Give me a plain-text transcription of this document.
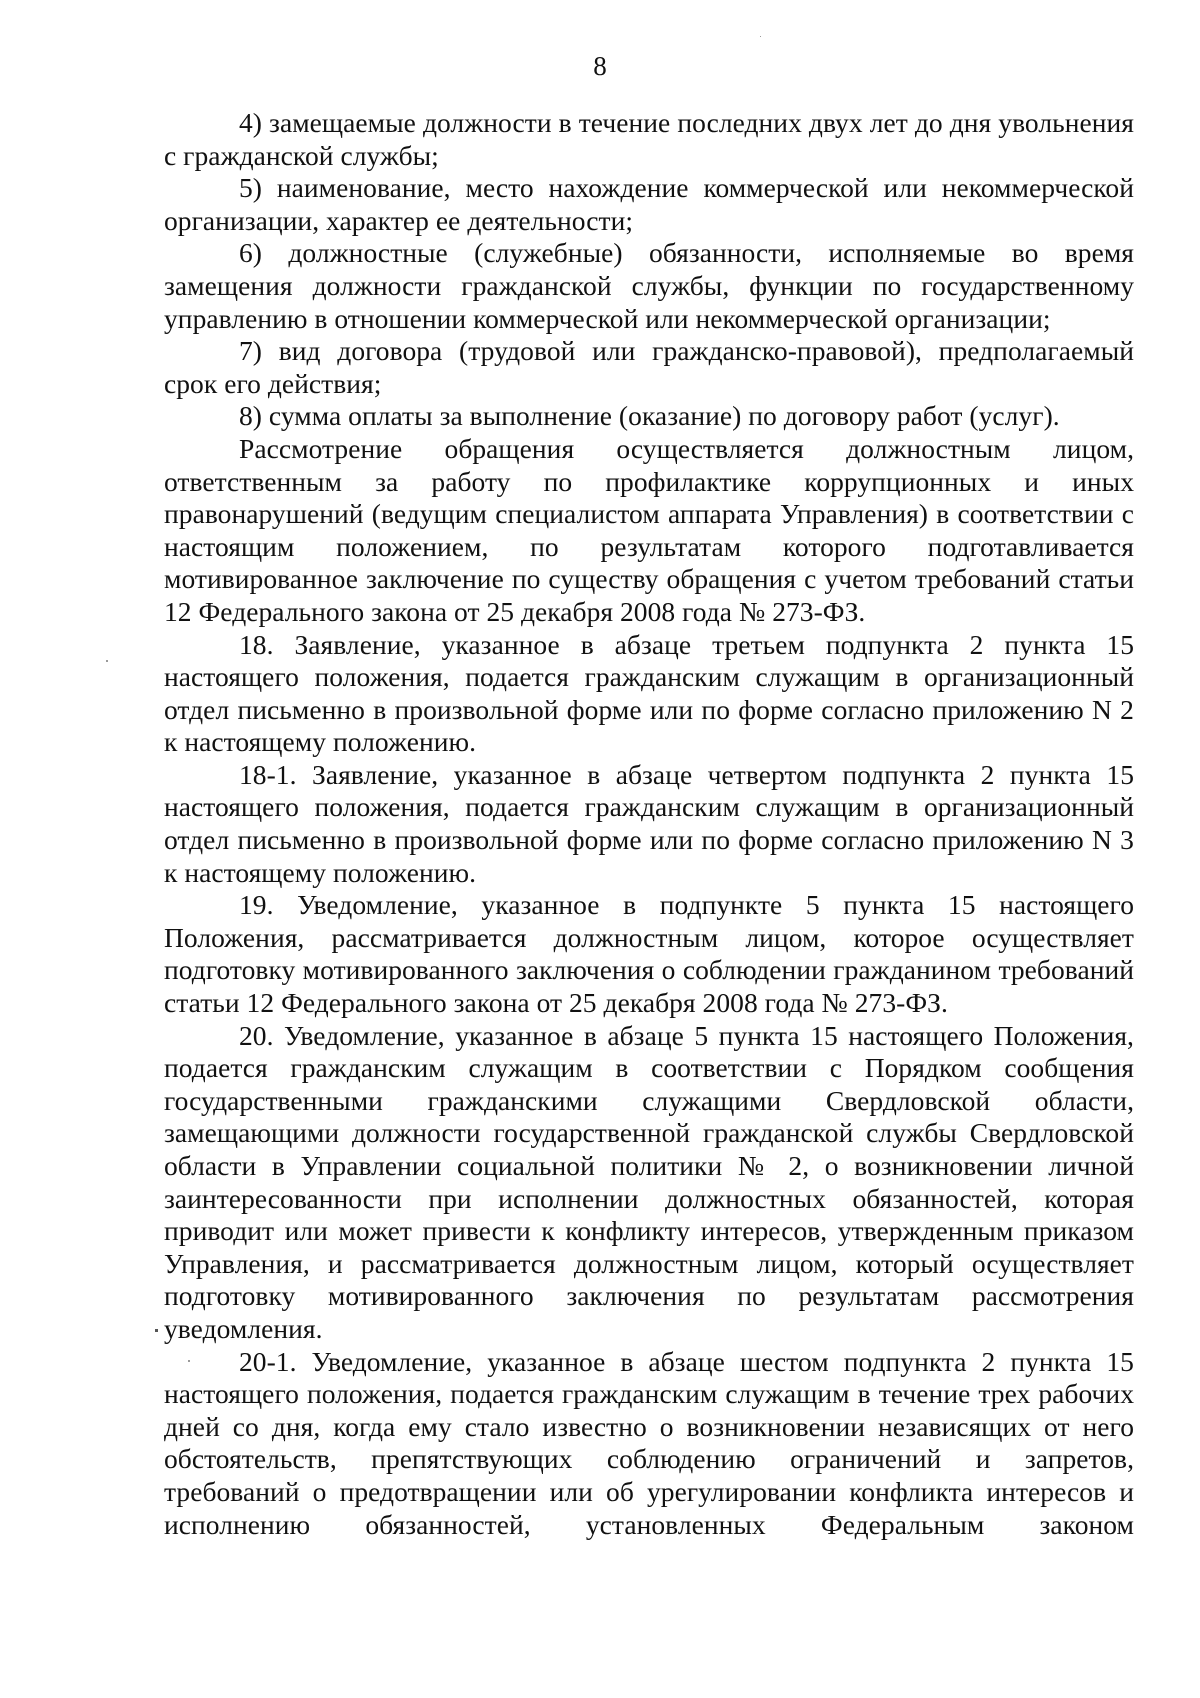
8

4) замещаемые должности в течение последних двух лет до дня увольнения с гражданской службы;

5) наименование, место нахождение коммерческой или некоммерческой организации, характер ее деятельности;

6) должностные (служебные) обязанности, исполняемые во время замещения должности гражданской службы, функции по государственному управлению в отношении коммерческой или некоммерческой организации;

7) вид договора (трудовой или гражданско-правовой), предполагаемый срок его действия;

8) сумма оплаты за выполнение (оказание) по договору работ (услуг).

Рассмотрение обращения осуществляется должностным лицом, ответственным за работу по профилактике коррупционных и иных правонарушений (ведущим специалистом аппарата Управления) в соответствии с настоящим положением, по результатам которого подготавливается мотивированное заключение по существу обращения с учетом требований статьи 12 Федерального закона от 25 декабря 2008 года № 273-ФЗ.

18. Заявление, указанное в абзаце третьем подпункта 2 пункта 15 настоящего положения, подается гражданским служащим в организационный отдел письменно в произвольной форме или по форме согласно приложению N 2 к настоящему положению.

18-1. Заявление, указанное в абзаце четвертом подпункта 2 пункта 15 настоящего положения, подается гражданским служащим в организационный отдел письменно в произвольной форме или по форме согласно приложению N 3 к настоящему положению.

19. Уведомление, указанное в подпункте 5 пункта 15 настоящего Положения, рассматривается должностным лицом, которое осуществляет подготовку мотивированного заключения о соблюдении гражданином требований статьи 12 Федерального закона от 25 декабря 2008 года № 273-ФЗ.

20. Уведомление, указанное в абзаце 5 пункта 15 настоящего Положения, подается гражданским служащим в соответствии с Порядком сообщения государственными гражданскими служащими Свердловской области, замещающими должности государственной гражданской службы Свердловской области в Управлении социальной политики № 2, о возникновении личной заинтересованности при исполнении должностных обязанностей, которая приводит или может привести к конфликту интересов, утвержденным приказом Управления, и рассматривается должностным лицом, который осуществляет подготовку мотивированного заключения по результатам рассмотрения уведомления.

20-1. Уведомление, указанное в абзаце шестом подпункта 2 пункта 15 настоящего положения, подается гражданским служащим в течение трех рабочих дней со дня, когда ему стало известно о возникновении независящих от него обстоятельств, препятствующих соблюдению ограничений и запретов, требований о предотвращении или об урегулировании конфликта интересов и исполнению обязанностей, установленных Федеральным законом
